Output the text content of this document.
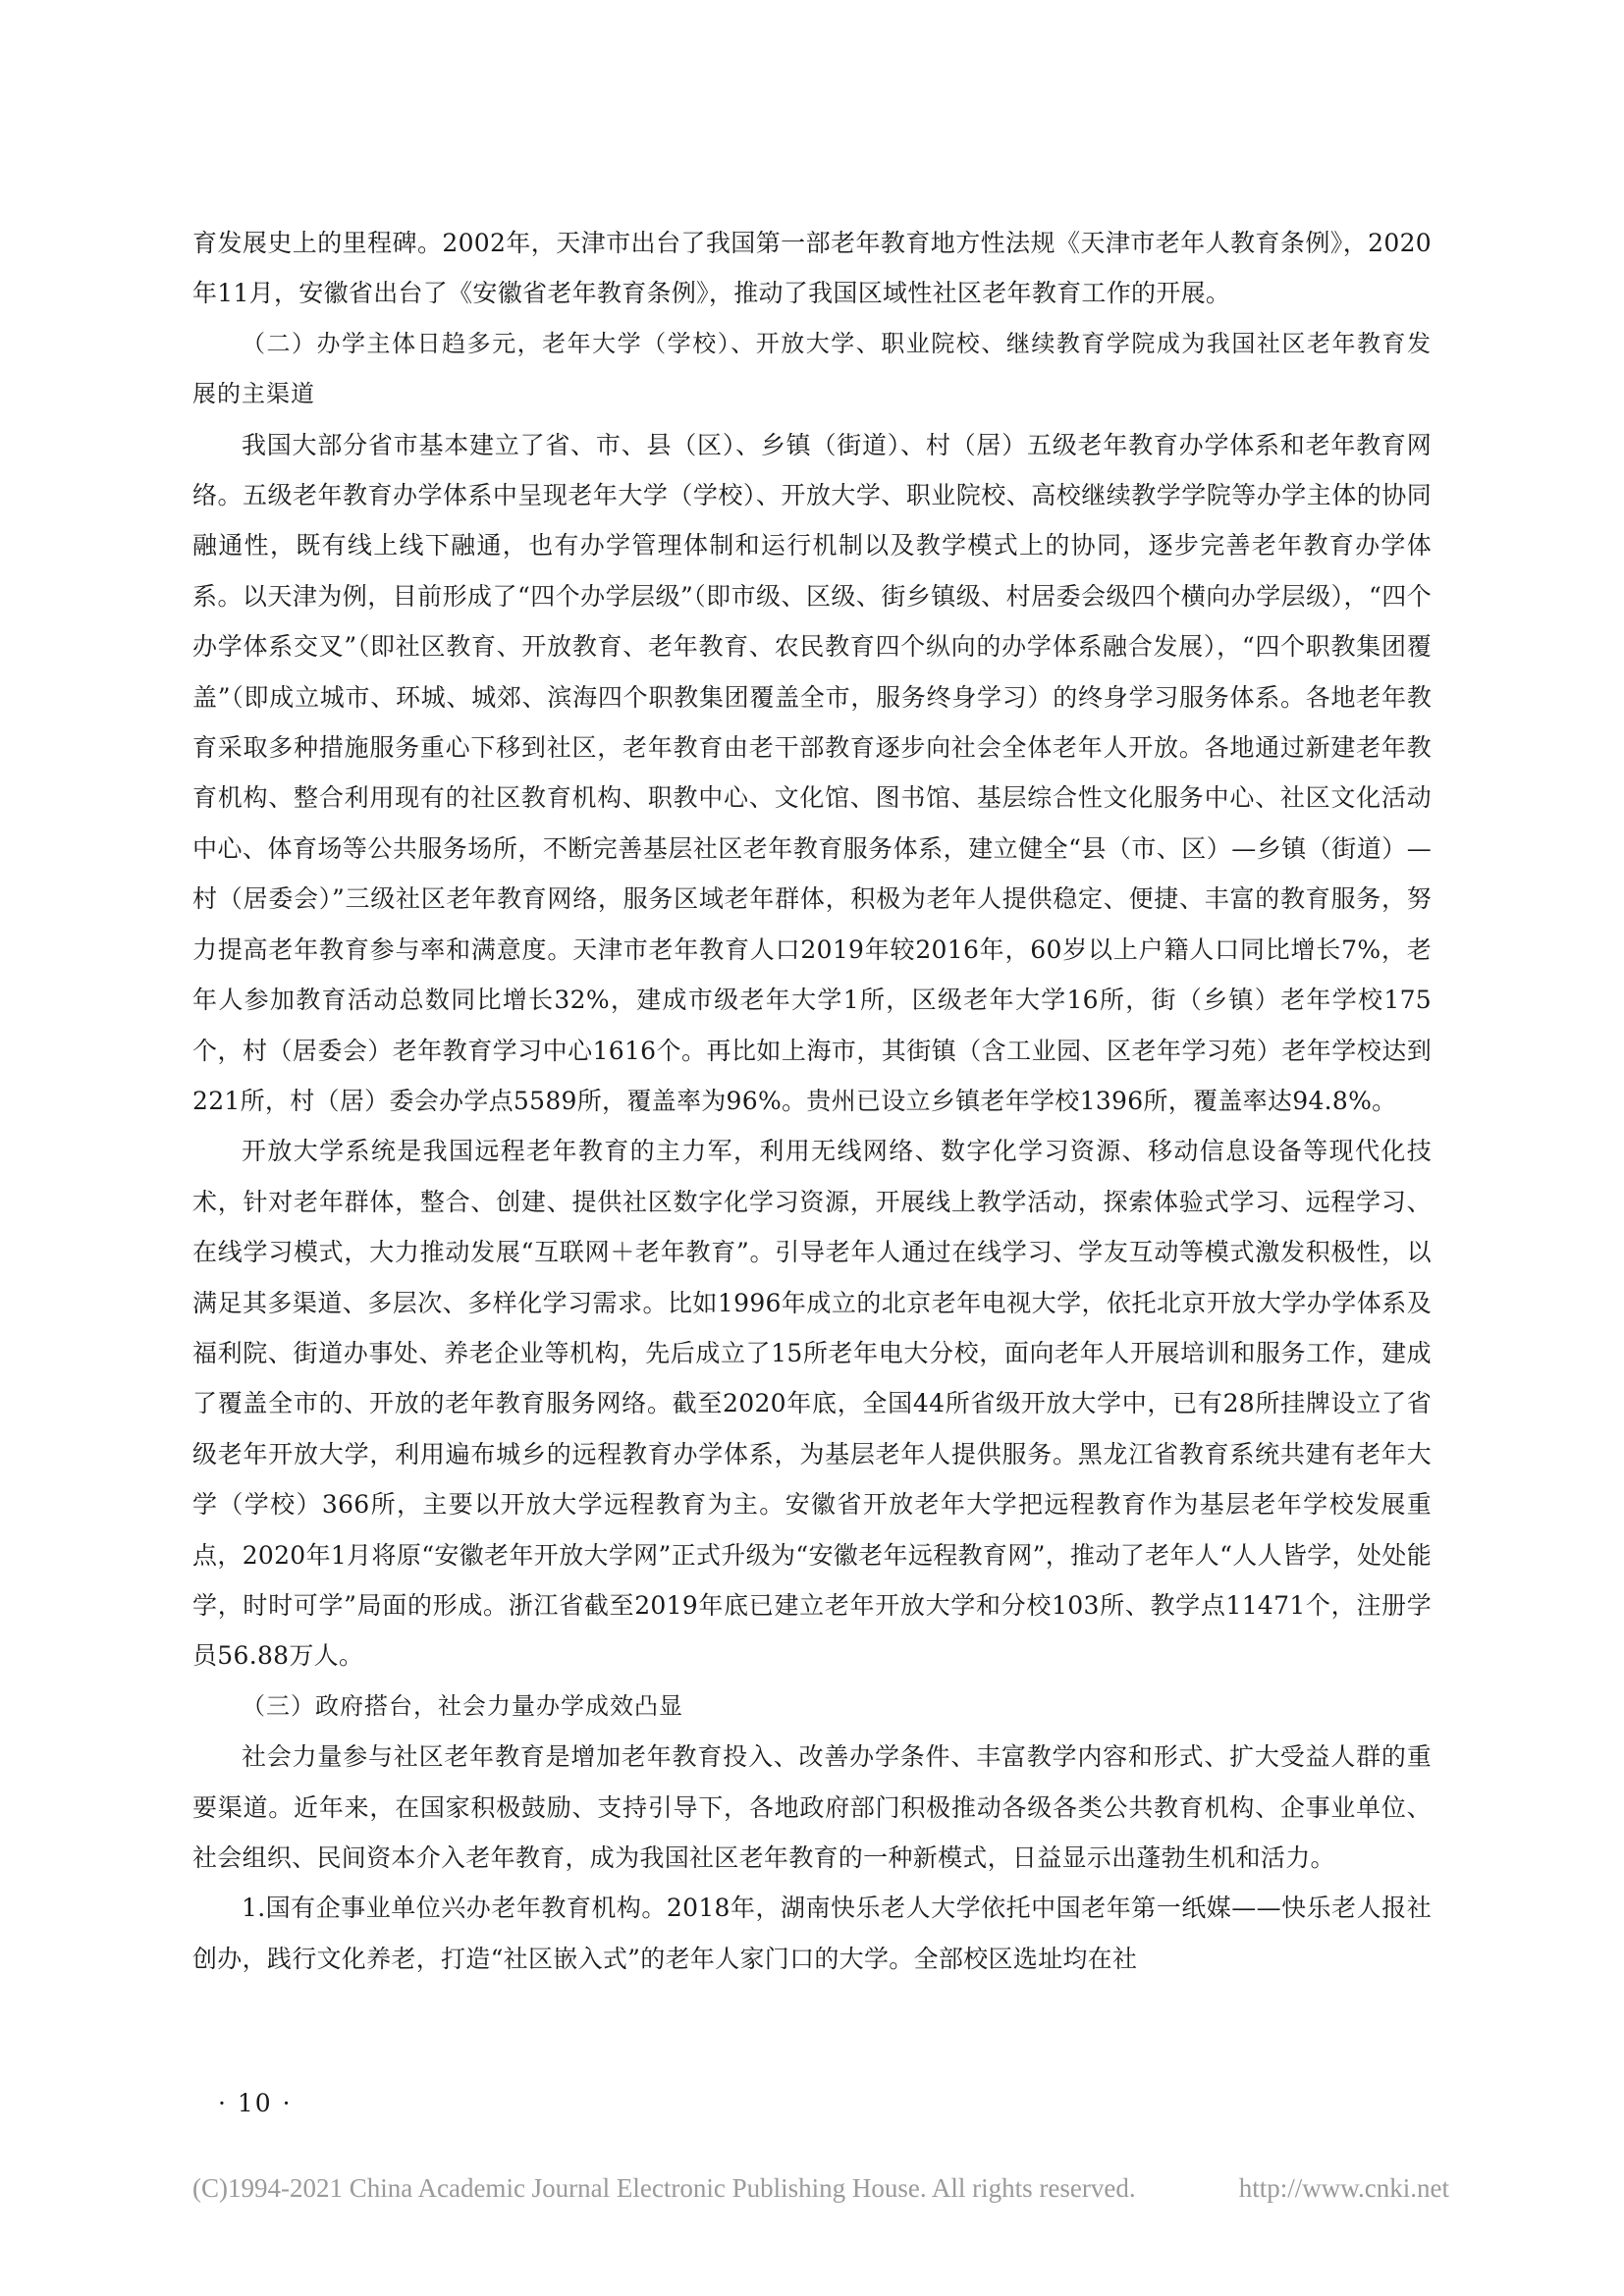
育发展史上的里程碑。2002年，天津市出台了我国第一部老年教育地方性法规《天津市老年人教育条例》，2020年11月，安徽省出台了《安徽省老年教育条例》，推动了我国区域性社区老年教育工作的开展。

（二）办学主体日趋多元，老年大学（学校）、开放大学、职业院校、继续教育学院成为我国社区老年教育发展的主渠道

我国大部分省市基本建立了省、市、县（区）、乡镇（街道）、村（居）五级老年教育办学体系和老年教育网络。五级老年教育办学体系中呈现老年大学（学校）、开放大学、职业院校、高校继续教学学院等办学主体的协同融通性，既有线上线下融通，也有办学管理体制和运行机制以及教学模式上的协同，逐步完善老年教育办学体系。以天津为例，目前形成了“四个办学层级”（即市级、区级、街乡镇级、村居委会级四个横向办学层级），“四个办学体系交叉”（即社区教育、开放教育、老年教育、农民教育四个纵向的办学体系融合发展），“四个职教集团覆盖”（即成立城市、环城、城郊、滨海四个职教集团覆盖全市，服务终身学习）的终身学习服务体系。各地老年教育采取多种措施服务重心下移到社区，老年教育由老干部教育逐步向社会全体老年人开放。各地通过新建老年教育机构、整合利用现有的社区教育机构、职教中心、文化馆、图书馆、基层综合性文化服务中心、社区文化活动中心、体育场等公共服务场所，不断完善基层社区老年教育服务体系，建立健全“县（市、区）—乡镇（街道）—村（居委会）”三级社区老年教育网络，服务区域老年群体，积极为老年人提供稳定、便捷、丰富的教育服务，努力提高老年教育参与率和满意度。天津市老年教育人口2019年较2016年，60岁以上户籍人口同比增长7%，老年人参加教育活动总数同比增长32%，建成市级老年大学1所，区级老年大学16所，街（乡镇）老年学校175个，村（居委会）老年教育学习中心1616个。再比如上海市，其街镇（含工业园、区老年学习苑）老年学校达到221所，村（居）委会办学点5589所，覆盖率为96%。贵州已设立乡镇老年学校1396所，覆盖率达94.8%。

开放大学系统是我国远程老年教育的主力军，利用无线网络、数字化学习资源、移动信息设备等现代化技术，针对老年群体，整合、创建、提供社区数字化学习资源，开展线上教学活动，探索体验式学习、远程学习、在线学习模式，大力推动发展“互联网＋老年教育”。引导老年人通过在线学习、学友互动等模式激发积极性，以满足其多渠道、多层次、多样化学习需求。比如1996年成立的北京老年电视大学，依托北京开放大学办学体系及福利院、街道办事处、养老企业等机构，先后成立了15所老年电大分校，面向老年人开展培训和服务工作，建成了覆盖全市的、开放的老年教育服务网络。截至2020年底，全国44所省级开放大学中，已有28所挂牌设立了省级老年开放大学，利用遍布城乡的远程教育办学体系，为基层老年人提供服务。黑龙江省教育系统共建有老年大学（学校）366所，主要以开放大学远程教育为主。安徽省开放老年大学把远程教育作为基层老年学校发展重点，2020年1月将原“安徽老年开放大学网”正式升级为“安徽老年远程教育网”，推动了老年人“人人皆学，处处能学，时时可学”局面的形成。浙江省截至2019年底已建立老年开放大学和分校103所、教学点11471个，注册学员56.88万人。

（三）政府搭台，社会力量办学成效凸显

社会力量参与社区老年教育是增加老年教育投入、改善办学条件、丰富教学内容和形式、扩大受益人群的重要渠道。近年来，在国家积极鼓励、支持引导下，各地政府部门积极推动各级各类公共教育机构、企事业单位、社会组织、民间资本介入老年教育，成为我国社区老年教育的一种新模式，日益显示出蓬勃生机和活力。

1.国有企事业单位兴办老年教育机构。2018年，湖南快乐老人大学依托中国老年第一纸媒——快乐老人报社创办，践行文化养老，打造“社区嵌入式”的老年人家门口的大学。全部校区选址均在社

· 10 ·
(C)1994-2021 China Academic Journal Electronic Publishing House. All rights reserved.	http://www.cnki.net
